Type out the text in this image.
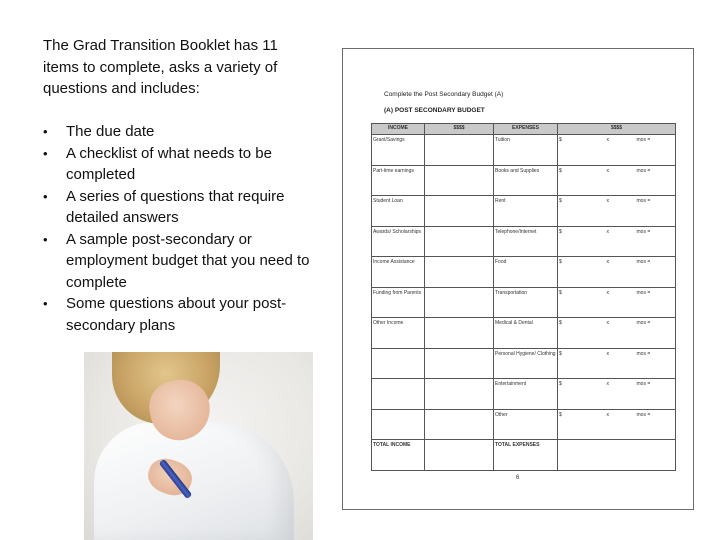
The Grad Transition Booklet has 11 items to complete, asks a variety of questions and includes:
• The due date
• A checklist of what needs to be completed
• A series of questions that require detailed answers
• A sample post-secondary or employment budget that you need to complete
• Some questions about your post-secondary plans
Complete the Post Secondary Budget (A)
(A) POST SECONDARY BUDGET
INCOME	$$$$	EXPENSES	$$$$		
Grant/Savings		Tuition	$	x	mos =
Part-time earnings		Books and Supplies	$	x	mos =
Student Loan		Rent	$	x	mos =
Awards/ Scholarships		Telephone/Internet	$	x	mos =
Income Assistance		Food	$	x	mos =
Funding from Parents		Transportation	$	x	mos =
Other Income		Medical & Dental	$	x	mos =
		Personal Hygiene/ Clothing	$	x	mos =
		Entertainment	$	x	mos =
		Other	$	x	mos =
TOTAL INCOME		TOTAL EXPENSES			
6
